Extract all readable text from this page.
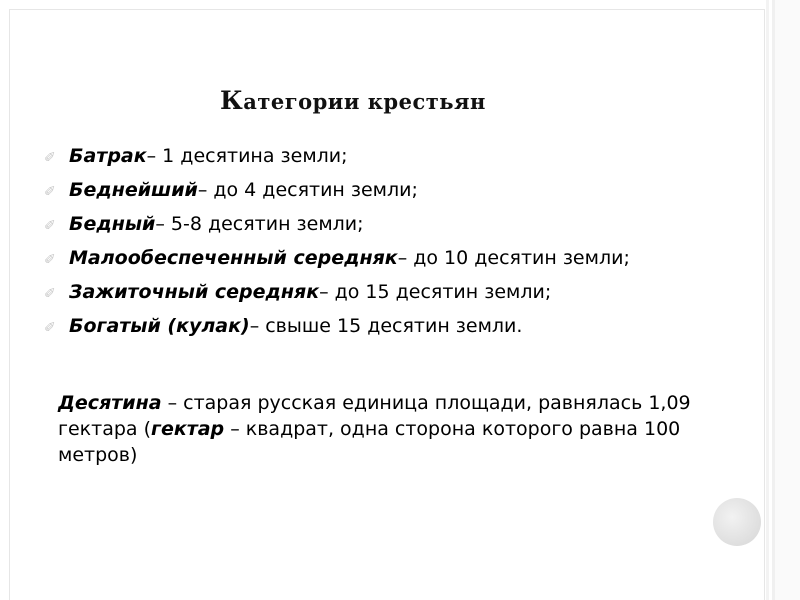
Категории крестьян
✐ Батрак – 1 десятина земли;
✐ Беднейший – до 4 десятин земли;
✐ Бедный – 5-8 десятин земли;
✐ Малообеспеченный середняк – до 10 десятин земли;
✐ Зажиточный середняк – до 15 десятин земли;
✐ Богатый (кулак) – свыше 15 десятин земли.
Десятина – старая русская единица площади, равнялась 1,09 гектара (гектар – квадрат, одна сторона которого равна 100 метров)
